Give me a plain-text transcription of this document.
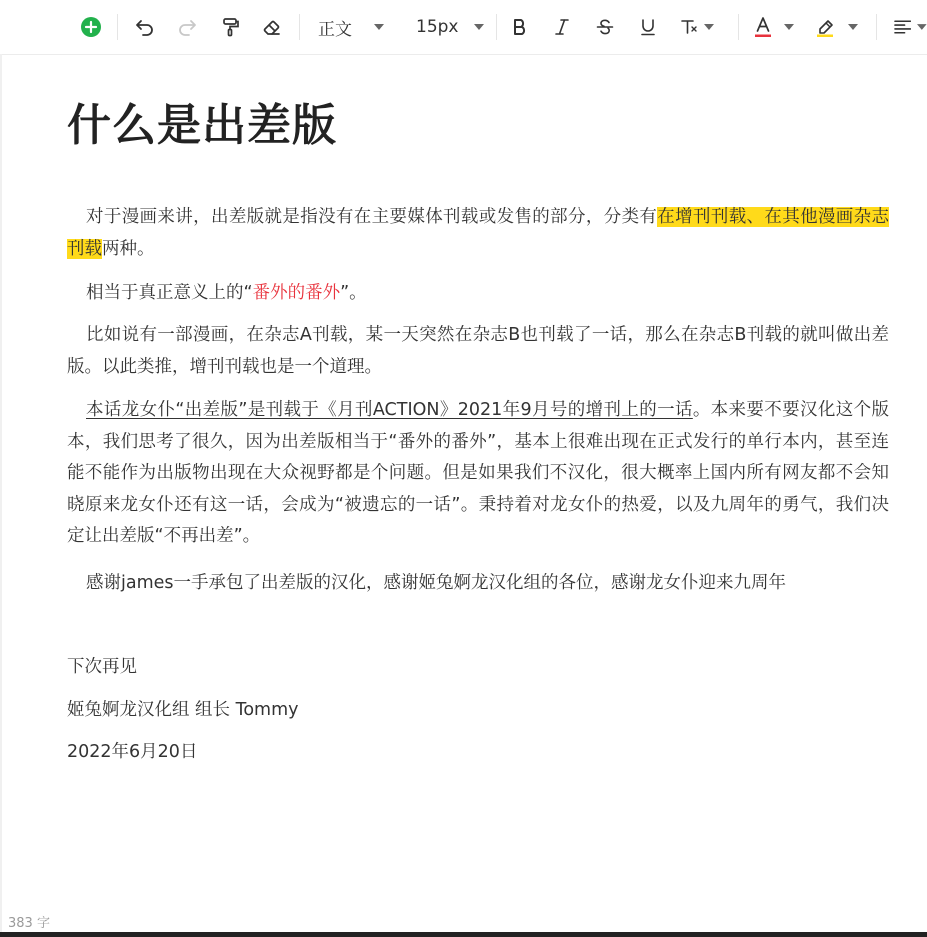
正文	15px
什么是出差版

对于漫画来讲，出差版就是指没有在主要媒体刊载或发售的部分，分类有在增刊刊载、在其他漫画杂志刊载两种。

相当于真正意义上的“番外的番外”。

比如说有一部漫画，在杂志A刊载，某一天突然在杂志B也刊载了一话，那么在杂志B刊载的就叫做出差版。以此类推，增刊刊载也是一个道理。

本话龙女仆“出差版”是刊载于《月刊ACTION》2021年9月号的增刊上的一话。本来要不要汉化这个版本，我们思考了很久，因为出差版相当于“番外的番外”，基本上很难出现在正式发行的单行本内，甚至连能不能作为出版物出现在大众视野都是个问题。但是如果我们不汉化，很大概率上国内所有网友都不会知晓原来龙女仆还有这一话，会成为“被遗忘的一话”。秉持着对龙女仆的热爱，以及九周年的勇气，我们决定让出差版“不再出差”。

感谢james一手承包了出差版的汉化，感谢姬兔婀龙汉化组的各位，感谢龙女仆迎来九周年

下次再见

姬兔婀龙汉化组 组长 Tommy

2022年6月20日

383 字
